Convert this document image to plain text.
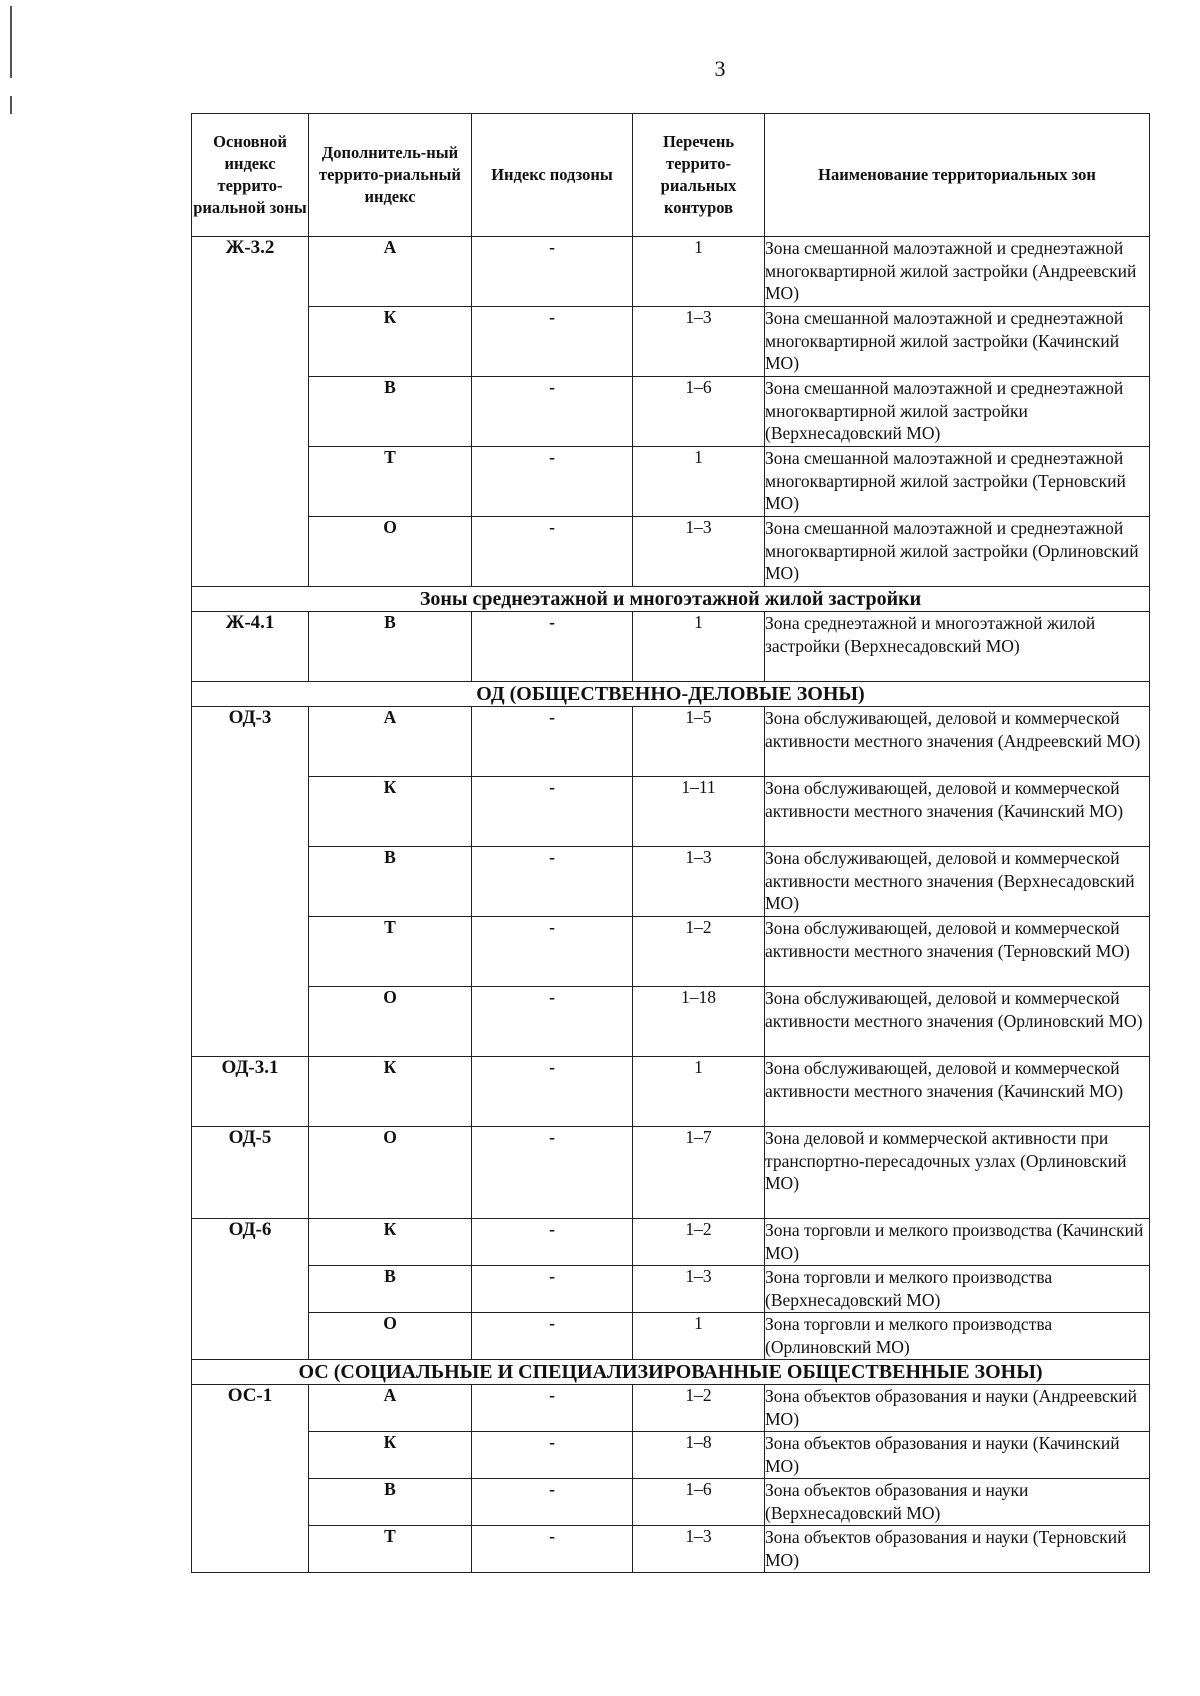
3
Основной индекс террито-риальной зоны	Дополнитель-ный террито-риальный индекс	Индекс подзоны	Перечень террито-риальных контуров	Наименование территориальных зон
Ж-3.2	А	-	1	Зона смешанной малоэтажной и среднеэтажной многоквартирной жилой застройки (Андреевский МО)
	К	-	1–3	Зона смешанной малоэтажной и среднеэтажной многоквартирной жилой застройки (Качинский МО)
	В	-	1–6	Зона смешанной малоэтажной и среднеэтажной многоквартирной жилой застройки (Верхнесадовский МО)
	Т	-	1	Зона смешанной малоэтажной и среднеэтажной многоквартирной жилой застройки (Терновский МО)
	О	-	1–3	Зона смешанной малоэтажной и среднеэтажной многоквартирной жилой застройки (Орлиновский МО)
Зоны среднеэтажной и многоэтажной жилой застройки				
Ж-4.1	В	-	1	Зона среднеэтажной и многоэтажной жилой застройки (Верхнесадовский МО)
ОД (ОБЩЕСТВЕННО-ДЕЛОВЫЕ ЗОНЫ)				
ОД-3	А	-	1–5	Зона обслуживающей, деловой и коммерческой активности местного значения (Андреевский МО)
	К	-	1–11	Зона обслуживающей, деловой и коммерческой активности местного значения (Качинский МО)
	В	-	1–3	Зона обслуживающей, деловой и коммерческой активности местного значения (Верхнесадовский МО)
	Т	-	1–2	Зона обслуживающей, деловой и коммерческой активности местного значения (Терновский МО)
	О	-	1–18	Зона обслуживающей, деловой и коммерческой активности местного значения (Орлиновский МО)
ОД-3.1	К	-	1	Зона обслуживающей, деловой и коммерческой активности местного значения (Качинский МО)
ОД-5	О	-	1–7	Зона деловой и коммерческой активности при транспортно-пересадочных узлах (Орлиновский МО)
ОД-6	К	-	1–2	Зона торговли и мелкого производства (Качинский МО)
	В	-	1–3	Зона торговли и мелкого производства (Верхнесадовский МО)
	О	-	1	Зона торговли и мелкого производства (Орлиновский МО)
ОС (СОЦИАЛЬНЫЕ И СПЕЦИАЛИЗИРОВАННЫЕ ОБЩЕСТВЕННЫЕ ЗОНЫ)				
ОС-1	А	-	1–2	Зона объектов образования и науки (Андреевский МО)
	К	-	1–8	Зона объектов образования и науки (Качинский МО)
	В	-	1–6	Зона объектов образования и науки (Верхнесадовский МО)
	Т	-	1–3	Зона объектов образования и науки (Терновский МО)
